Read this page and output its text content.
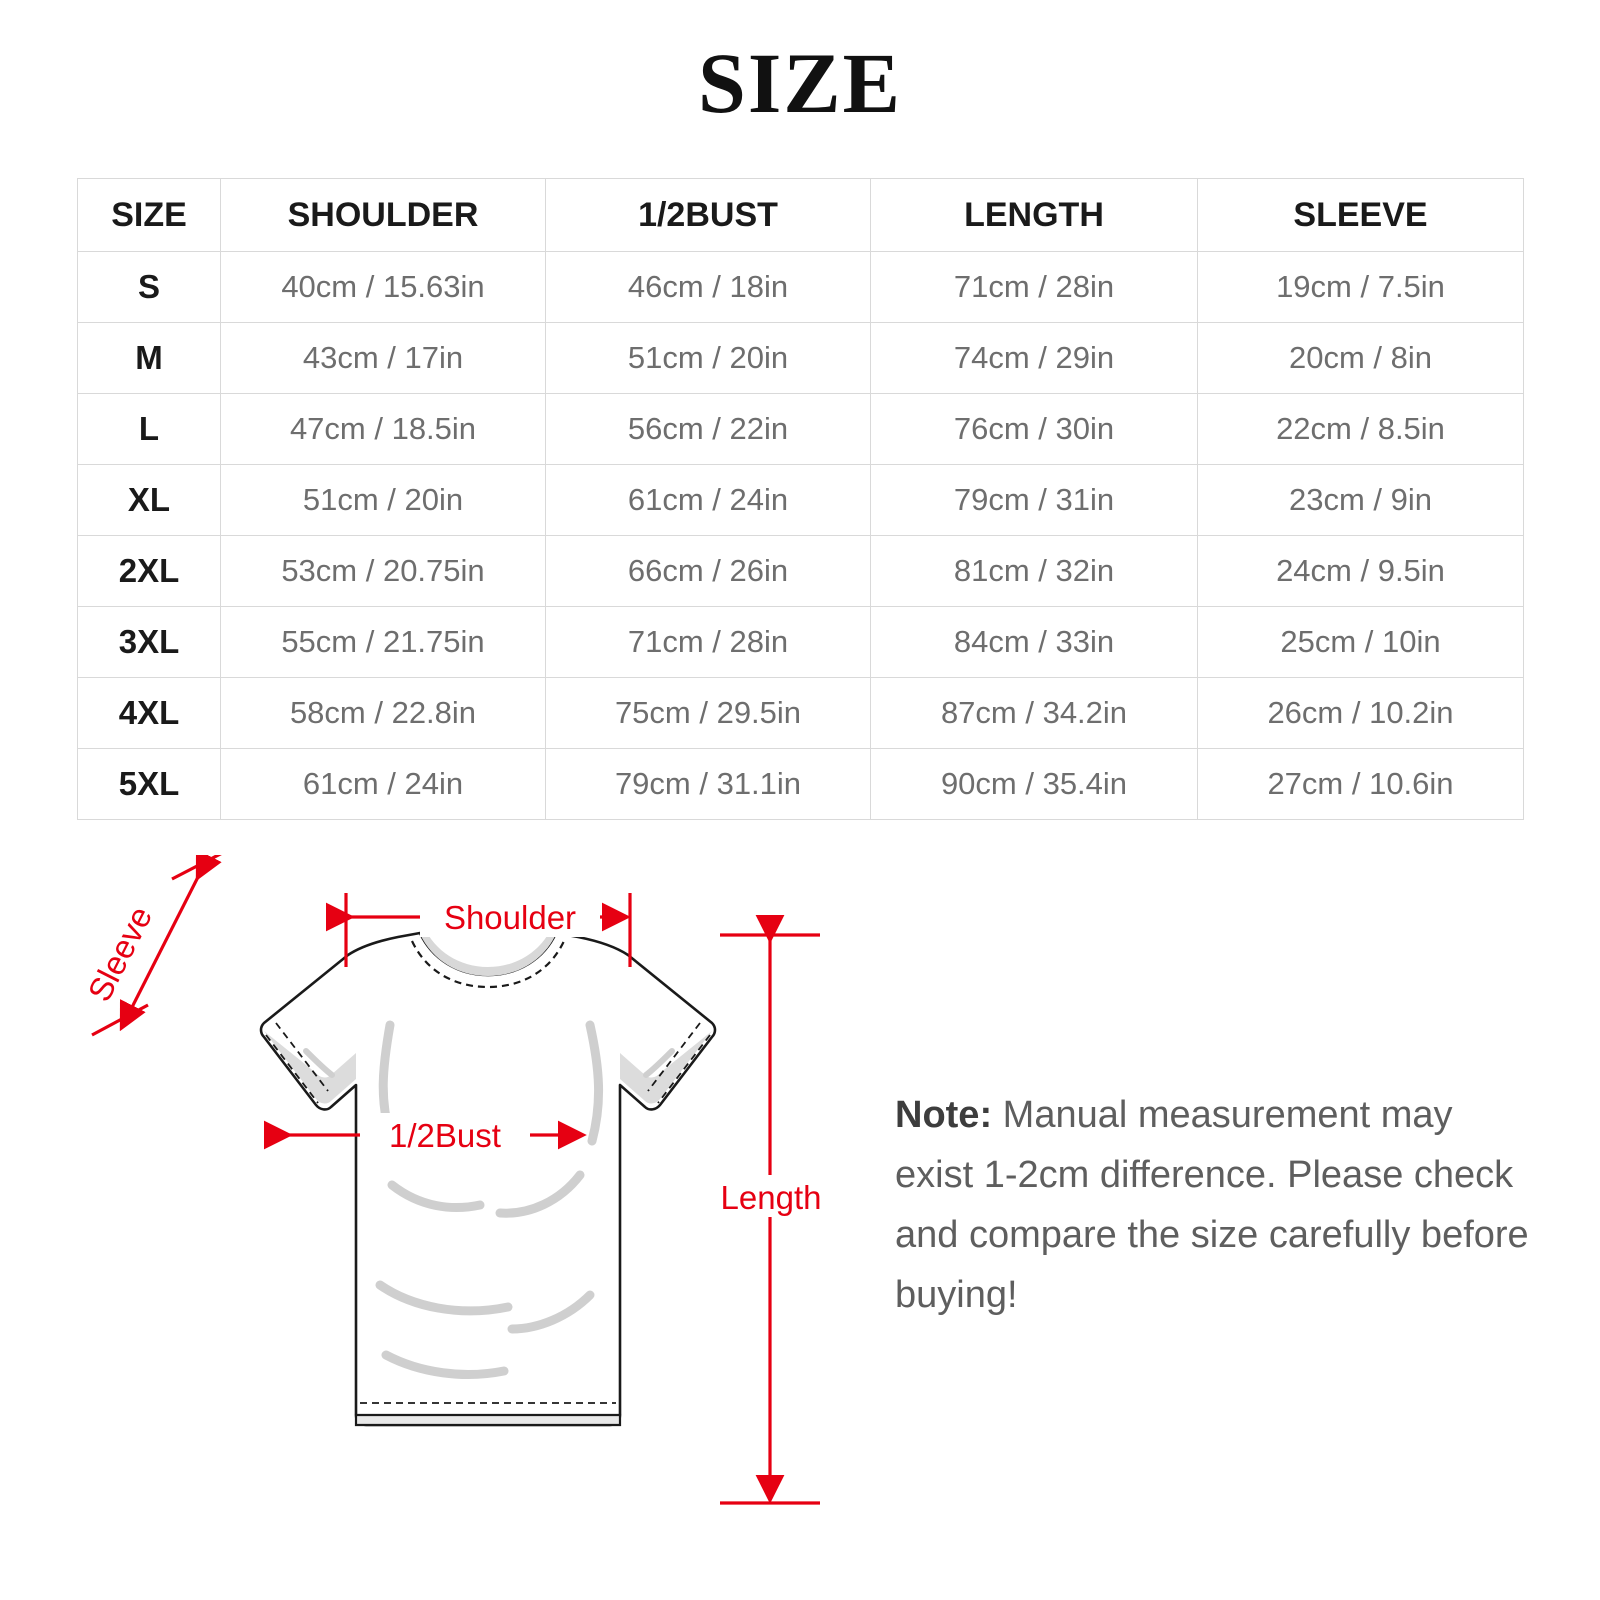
SIZE
SIZE	SHOULDER	1/2BUST	LENGTH	SLEEVE
S	40cm / 15.63in	46cm / 18in	71cm / 28in	19cm / 7.5in
M	43cm / 17in	51cm / 20in	74cm / 29in	20cm / 8in
L	47cm / 18.5in	56cm / 22in	76cm / 30in	22cm / 8.5in
XL	51cm / 20in	61cm / 24in	79cm / 31in	23cm / 9in
2XL	53cm / 20.75in	66cm / 26in	81cm / 32in	24cm / 9.5in
3XL	55cm / 21.75in	71cm / 28in	84cm / 33in	25cm / 10in
4XL	58cm / 22.8in	75cm / 29.5in	87cm / 34.2in	26cm / 10.2in
5XL	61cm / 24in	79cm / 31.1in	90cm / 35.4in	27cm / 10.6in
Shoulder
Sleeve
1/2Bust
Length
Note: Manual measurement may exist 1-2cm difference. Please check and compare the size carefully before buying!
